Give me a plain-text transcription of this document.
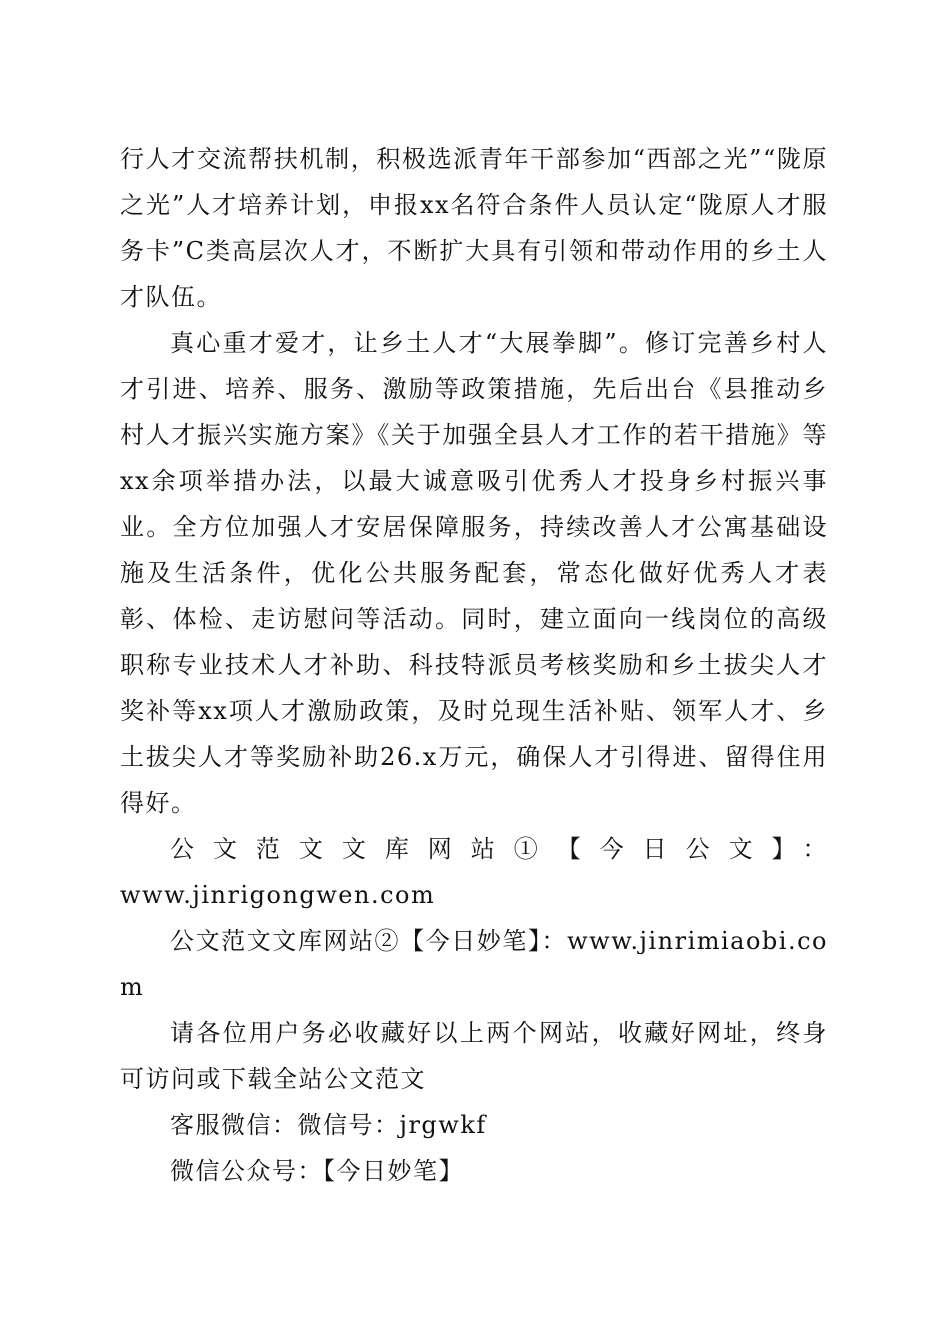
行人才交流帮扶机制，积极选派青年干部参加“西部之光”“陇原之光”人才培养计划，申报xx名符合条件人员认定“陇原人才服务卡”C类高层次人才，不断扩大具有引领和带动作用的乡土人才队伍。

真心重才爱才，让乡土人才“大展拳脚”。修订完善乡村人才引进、培养、服务、激励等政策措施，先后出台《县推动乡村人才振兴实施方案》《关于加强全县人才工作的若干措施》等xx余项举措办法，以最大诚意吸引优秀人才投身乡村振兴事业。全方位加强人才安居保障服务，持续改善人才公寓基础设施及生活条件，优化公共服务配套，常态化做好优秀人才表彰、体检、走访慰问等活动。同时，建立面向一线岗位的高级职称专业技术人才补助、科技特派员考核奖励和乡土拔尖人才奖补等xx项人才激励政策，及时兑现生活补贴、领军人才、乡土拔尖人才等奖励补助26.x万元，确保人才引得进、留得住用得好。

公文范文文库网站①【今日公文】：
www.jinrigongwen.com

公文范文文库网站②【今日妙笔】：www.jinrimiaobi.com

请各位用户务必收藏好以上两个网站，收藏好网址，终身可访问或下载全站公文范文

客服微信：微信号：jrgwkf

微信公众号：【今日妙笔】
